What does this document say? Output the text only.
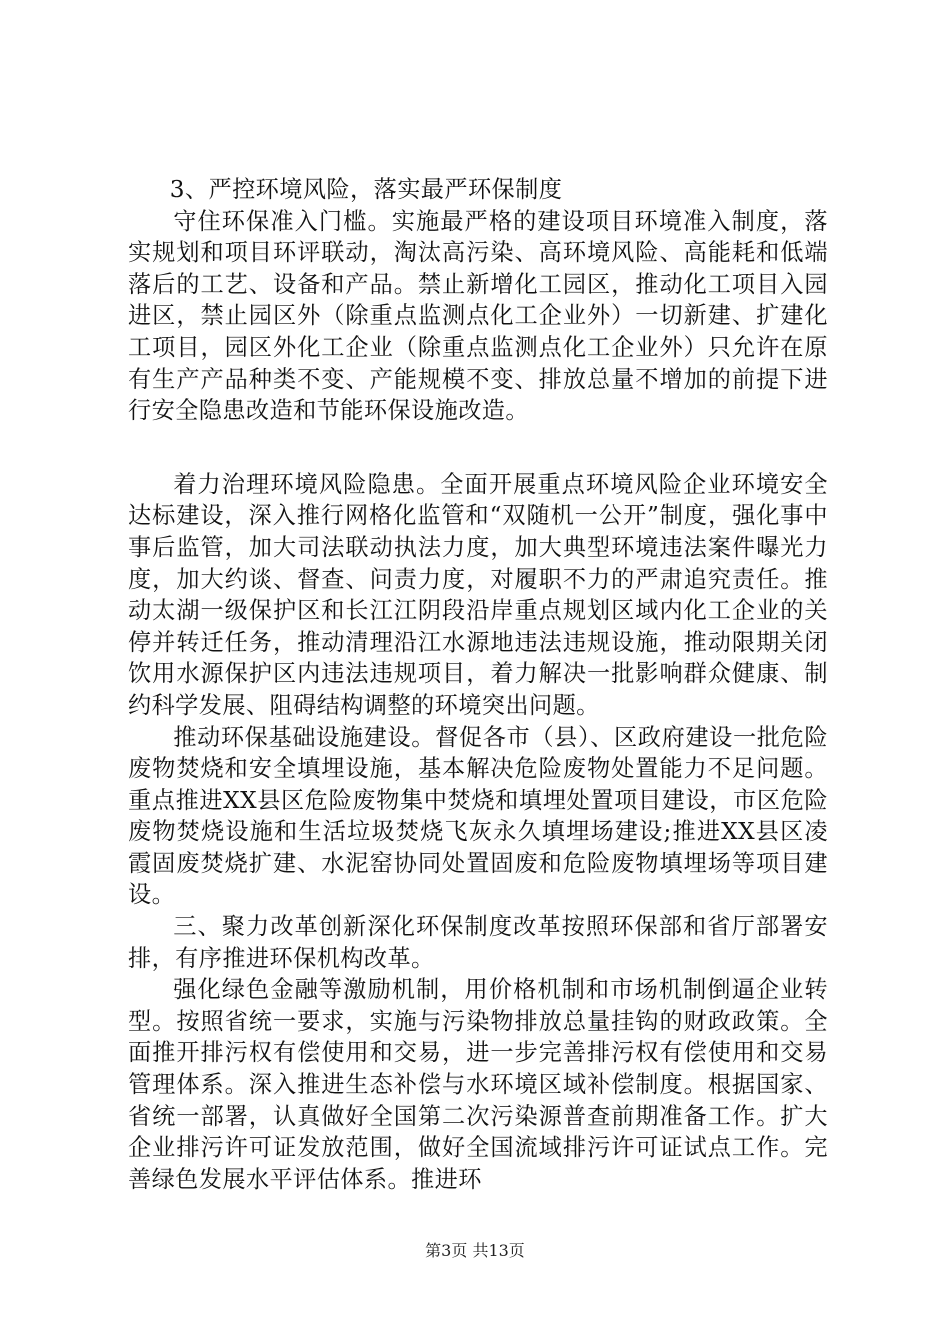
3、严控环境风险，落实最严环保制度

守住环保准入门槛。实施最严格的建设项目环境准入制度，落实规划和项目环评联动，淘汰高污染、高环境风险、高能耗和低端落后的工艺、设备和产品。禁止新增化工园区，推动化工项目入园进区，禁止园区外（除重点监测点化工企业外）一切新建、扩建化工项目，园区外化工企业（除重点监测点化工企业外）只允许在原有生产产品种类不变、产能规模不变、排放总量不增加的前提下进行安全隐患改造和节能环保设施改造。

着力治理环境风险隐患。全面开展重点环境风险企业环境安全达标建设，深入推行网格化监管和“双随机一公开”制度，强化事中事后监管，加大司法联动执法力度，加大典型环境违法案件曝光力度，加大约谈、督查、问责力度，对履职不力的严肃追究责任。推动太湖一级保护区和长江江阴段沿岸重点规划区域内化工企业的关停并转迁任务，推动清理沿江水源地违法违规设施，推动限期关闭饮用水源保护区内违法违规项目，着力解决一批影响群众健康、制约科学发展、阻碍结构调整的环境突出问题。

推动环保基础设施建设。督促各市（县）、区政府建设一批危险废物焚烧和安全填埋设施，基本解决危险废物处置能力不足问题。重点推进XX县区危险废物集中焚烧和填埋处置项目建设，市区危险废物焚烧设施和生活垃圾焚烧飞灰永久填埋场建设;推进XX县区凌霞固废焚烧扩建、水泥窑协同处置固废和危险废物填埋场等项目建设。

三、聚力改革创新深化环保制度改革按照环保部和省厅部署安排，有序推进环保机构改革。

强化绿色金融等激励机制，用价格机制和市场机制倒逼企业转型。按照省统一要求，实施与污染物排放总量挂钩的财政政策。全面推开排污权有偿使用和交易，进一步完善排污权有偿使用和交易管理体系。深入推进生态补偿与水环境区域补偿制度。根据国家、省统一部署，认真做好全国第二次污染源普查前期准备工作。扩大企业排污许可证发放范围，做好全国流域排污许可证试点工作。完善绿色发展水平评估体系。推进环

第3页 共13页
